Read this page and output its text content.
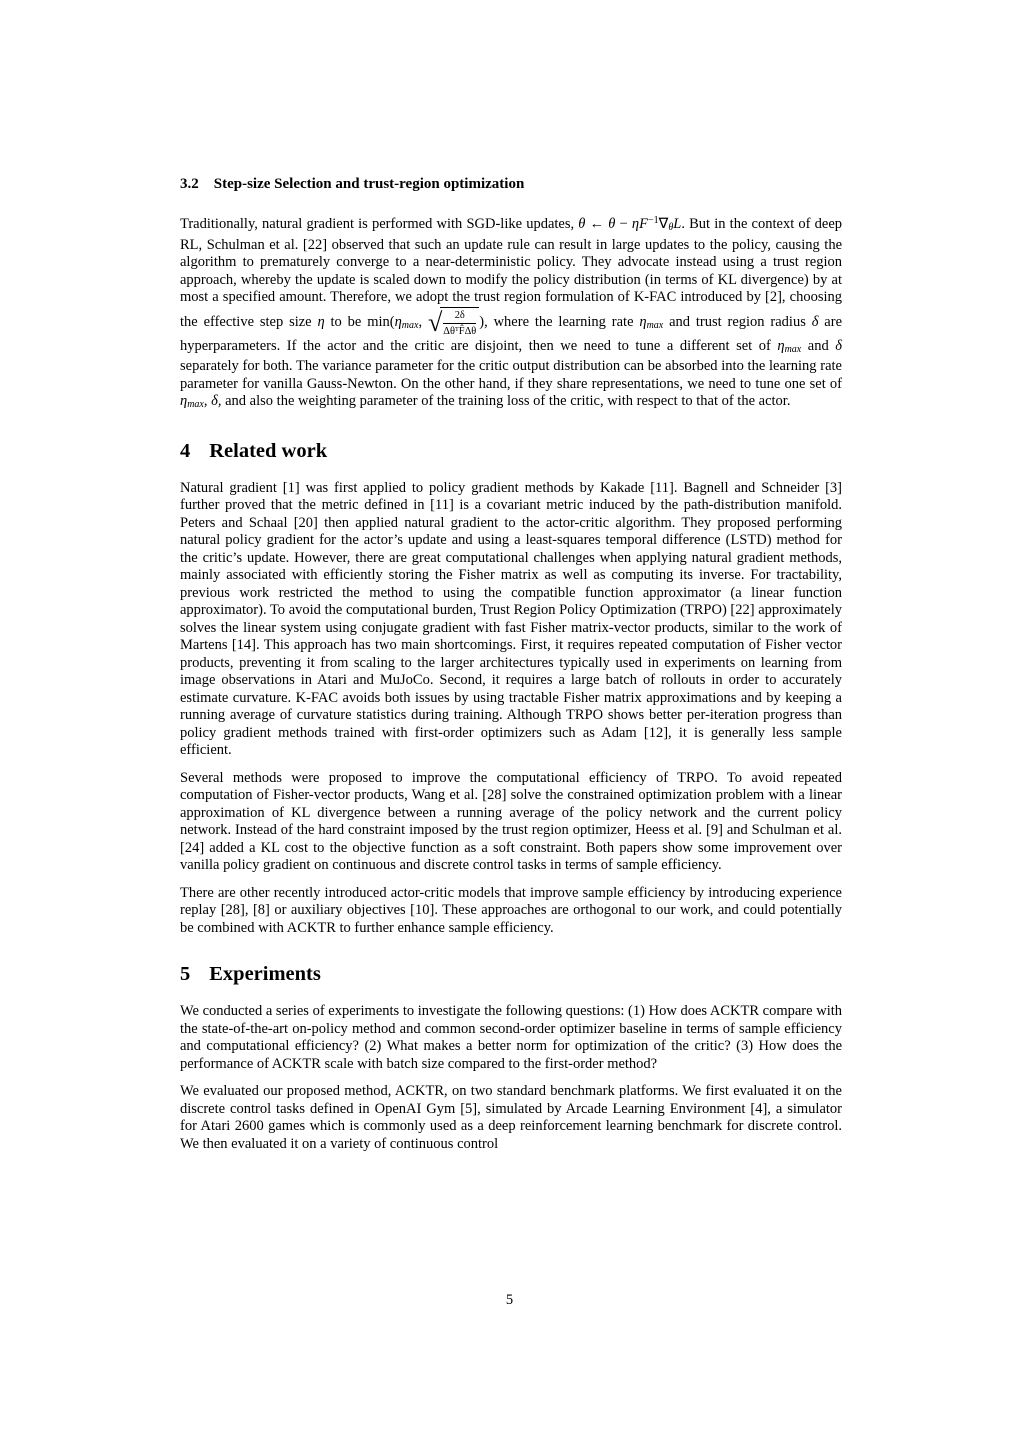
3.2 Step-size Selection and trust-region optimization

Traditionally, natural gradient is performed with SGD-like updates, θ ← $\theta - \eta F^{-1}\nabla\theta L$. But in the context of deep RL, Schulman et al. [22] observed that such an update rule can result in large updates to the policy, causing the algorithm to prematurely converge to a near-deterministic policy. They advocate instead using a trust region approach, whereby the update is scaled down to modify the policy distribution (in terms of KL divergence) by at most a specified amount. Therefore, we adopt the trust region formulation of K-FAC introduced by [2], choosing the effective step size η to be min(ηmax, √
$\frac{2\delta}{\text{ΔθᵀF̂Δθ}}$ ), where the learning rate ηmax and trust region radius δ are hyperparameters. If the actor and the critic are disjoint, then we need to tune a different set of ηmax and δ separately for both. The variance parameter for the critic output distribution can be absorbed into the learning rate parameter for vanilla Gauss-Newton. On the other hand, if they share representations, we need to tune one set of ηmax, δ, and also the weighting parameter of the training loss of the critic, with respect to that of the actor.

4 Related work

Natural gradient [1] was first applied to policy gradient methods by Kakade [11]. Bagnell and Schneider [3] further proved that the metric defined in [11] is a covariant metric induced by the path-distribution manifold. Peters and Schaal [20] then applied natural gradient to the actor-critic algorithm. They proposed performing natural policy gradient for the actor’s update and using a least-squares temporal difference (LSTD) method for the critic’s update. However, there are great computational challenges when applying natural gradient methods, mainly associated with efficiently storing the Fisher matrix as well as computing its inverse. For tractability, previous work restricted the method to using the compatible function approximator (a linear function approximator). To avoid the computational burden, Trust Region Policy Optimization (TRPO) [22] approximately solves the linear system using conjugate gradient with fast Fisher matrix-vector products, similar to the work of Martens [14]. This approach has two main shortcomings. First, it requires repeated computation of Fisher vector products, preventing it from scaling to the larger architectures typically used in experiments on learning from image observations in Atari and MuJoCo. Second, it requires a large batch of rollouts in order to accurately estimate curvature. K-FAC avoids both issues by using tractable Fisher matrix approximations and by keeping a running average of curvature statistics during training. Although TRPO shows better per-iteration progress than policy gradient methods trained with first-order optimizers such as Adam [12], it is generally less sample efficient.

Several methods were proposed to improve the computational efficiency of TRPO. To avoid repeated computation of Fisher-vector products, Wang et al. [28] solve the constrained optimization problem with a linear approximation of KL divergence between a running average of the policy network and the current policy network. Instead of the hard constraint imposed by the trust region optimizer, Heess et al. [9] and Schulman et al. [24] added a KL cost to the objective function as a soft constraint. Both papers show some improvement over vanilla policy gradient on continuous and discrete control tasks in terms of sample efficiency.

There are other recently introduced actor-critic models that improve sample efficiency by introducing experience replay [28], [8] or auxiliary objectives [10]. These approaches are orthogonal to our work, and could potentially be combined with ACKTR to further enhance sample efficiency.

5 Experiments

We conducted a series of experiments to investigate the following questions: (1) How does ACKTR compare with the state-of-the-art on-policy method and common second-order optimizer baseline in terms of sample efficiency and computational efficiency? (2) What makes a better norm for optimization of the critic? (3) How does the performance of ACKTR scale with batch size compared to the first-order method?

We evaluated our proposed method, ACKTR, on two standard benchmark platforms. We first evaluated it on the discrete control tasks defined in OpenAI Gym [5], simulated by Arcade Learning Environment [4], a simulator for Atari 2600 games which is commonly used as a deep reinforcement learning benchmark for discrete control. We then evaluated it on a variety of continuous control

5
